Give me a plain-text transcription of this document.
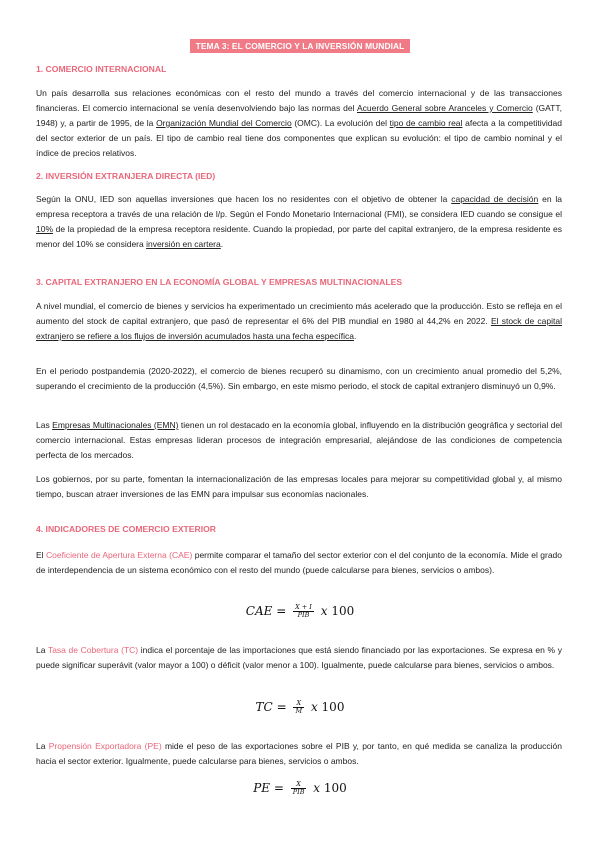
TEMA 3: EL COMERCIO Y LA INVERSIÓN MUNDIAL
1. COMERCIO INTERNACIONAL
Un país desarrolla sus relaciones económicas con el resto del mundo a través del comercio internacional y de las transacciones financieras. El comercio internacional se venía desenvolviendo bajo las normas del Acuerdo General sobre Aranceles y Comercio (GATT, 1948) y, a partir de 1995, de la Organización Mundial del Comercio (OMC). La evolución del tipo de cambio real afecta a la competitividad del sector exterior de un país. El tipo de cambio real tiene dos componentes que explican su evolución: el tipo de cambio nominal y el índice de precios relativos.
2. INVERSIÓN EXTRANJERA DIRECTA (IED)
Según la ONU, IED son aquellas inversiones que hacen los no residentes con el objetivo de obtener la capacidad de decisión en la empresa receptora a través de una relación de l/p. Según el Fondo Monetario Internacional (FMI), se considera IED cuando se consigue el 10% de la propiedad de la empresa receptora residente. Cuando la propiedad, por parte del capital extranjero, de la empresa residente es menor del 10% se considera inversión en cartera.
3. CAPITAL EXTRANJERO EN LA ECONOMÍA GLOBAL Y EMPRESAS MULTINACIONALES
A nivel mundial, el comercio de bienes y servicios ha experimentado un crecimiento más acelerado que la producción. Esto se refleja en el aumento del stock de capital extranjero, que pasó de representar el 6% del PIB mundial en 1980 al 44,2% en 2022. El stock de capital extranjero se refiere a los flujos de inversión acumulados hasta una fecha específica.
En el periodo postpandemia (2020-2022), el comercio de bienes recuperó su dinamismo, con un crecimiento anual promedio del 5,2%, superando el crecimiento de la producción (4,5%). Sin embargo, en este mismo periodo, el stock de capital extranjero disminuyó un 0,9%.
Las Empresas Multinacionales (EMN) tienen un rol destacado en la economía global, influyendo en la distribución geográfica y sectorial del comercio internacional. Estas empresas lideran procesos de integración empresarial, alejándose de las condiciones de competencia perfecta de los mercados.
Los gobiernos, por su parte, fomentan la internacionalización de las empresas locales para mejorar su competitividad global y, al mismo tiempo, buscan atraer inversiones de las EMN para impulsar sus economías nacionales.
4. INDICADORES DE COMERCIO EXTERIOR
El Coeficiente de Apertura Externa (CAE) permite comparar el tamaño del sector exterior con el del conjunto de la economía. Mide el grado de interdependencia de un sistema económico con el resto del mundo (puede calcularse para bienes, servicios o ambos).
CAE = $\frac{X + I}{\text{PIB}}$ x 100
La Tasa de Cobertura (TC) indica el porcentaje de las importaciones que está siendo financiado por las exportaciones. Se expresa en % y puede significar superávit (valor mayor a 100) o déficit (valor menor a 100). Igualmente, puede calcularse para bienes, servicios o ambos.
TC = $\frac{X}{M}$ x 100
La Propensión Exportadora (PE) mide el peso de las exportaciones sobre el PIB y, por tanto, en qué medida se canaliza la producción hacia el sector exterior. Igualmente, puede calcularse para bienes, servicios o ambos.
PE = $\frac{X}{\text{PIB}}$ x 100
